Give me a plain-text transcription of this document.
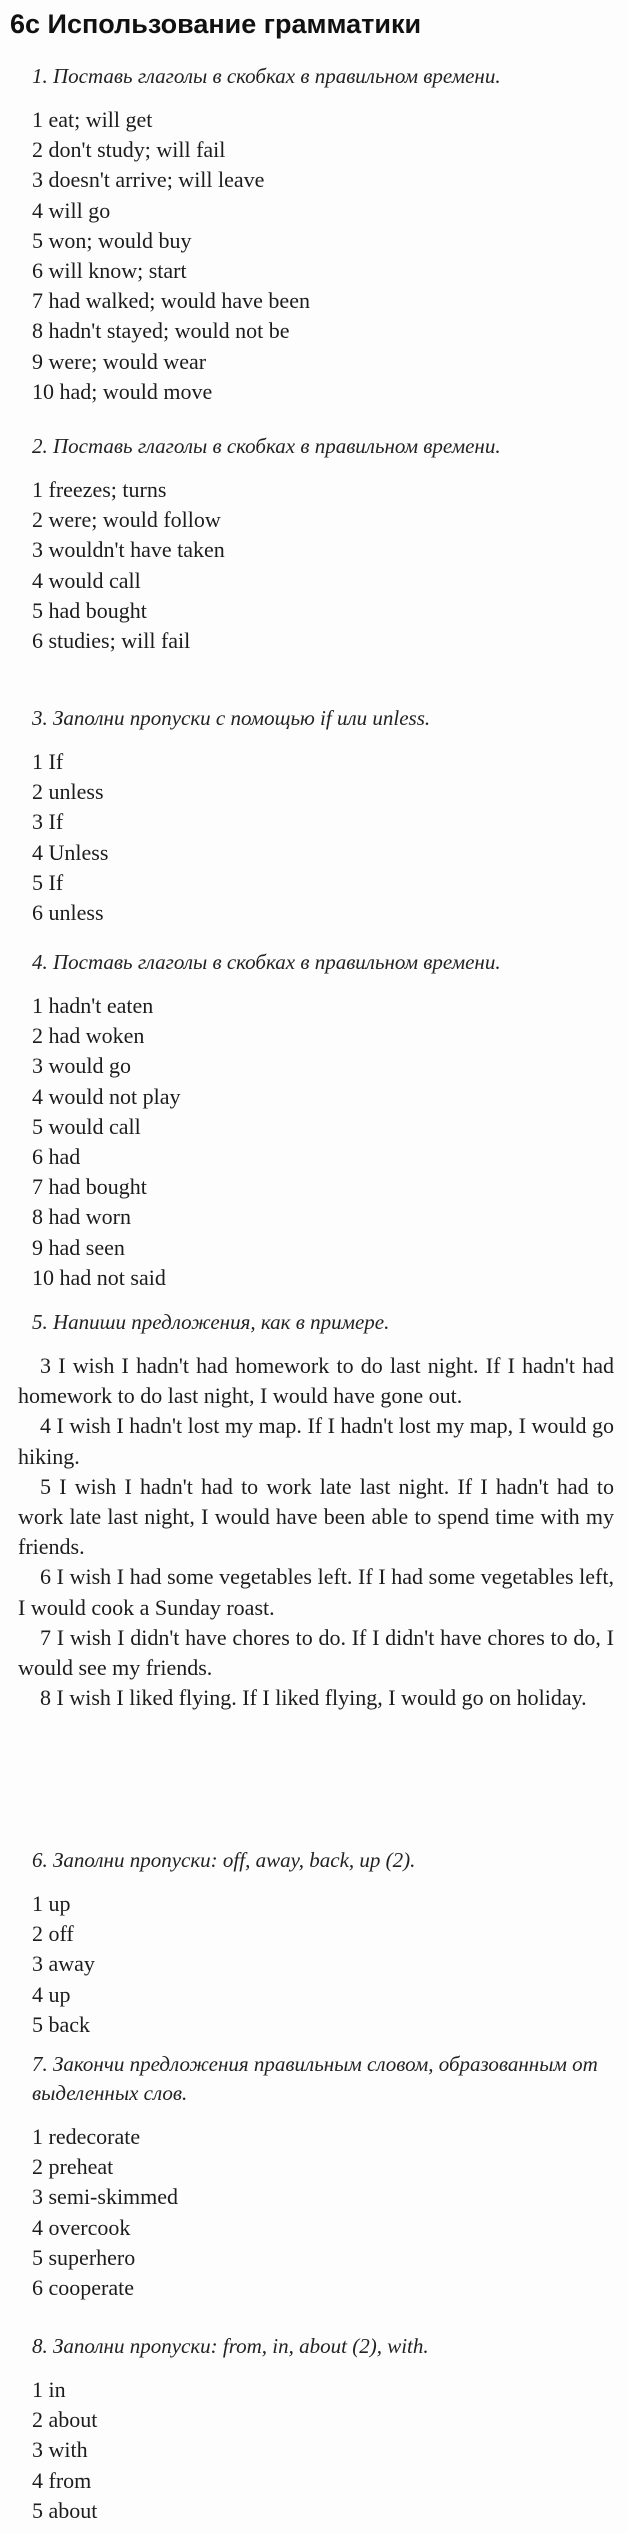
6c Использование грамматики
1. Поставь глаголы в скобках в правильном времени.
1 eat; will get
2 don't study; will fail
3 doesn't arrive; will leave
4 will go
5 won; would buy
6 will know; start
7 had walked; would have been
8 hadn't stayed; would not be
9 were; would wear
10 had; would move
2. Поставь глаголы в скобках в правильном времени.
1 freezes; turns
2 were; would follow
3 wouldn't have taken
4 would call
5 had bought
6 studies; will fail
3. Заполни пропуски с помощью if или unless.
1 If
2 unless
3 If
4 Unless
5 If
6 unless
4. Поставь глаголы в скобках в правильном времени.
1 hadn't eaten
2 had woken
3 would go
4 would not play
5 would call
6 had
7 had bought
8 had worn
9 had seen
10 had not said
5. Напиши предложения, как в примере.
3 I wish I hadn't had homework to do last night. If I hadn't had homework to do last night, I would have gone out.
4 I wish I hadn't lost my map. If I hadn't lost my map, I would go hiking.
5 I wish I hadn't had to work late last night. If I hadn't had to work late last night, I would have been able to spend time with my friends.
6 I wish I had some vegetables left. If I had some vegetables left, I would cook a Sunday roast.
7 I wish I didn't have chores to do. If I didn't have chores to do, I would see my friends.
8 I wish I liked flying. If I liked flying, I would go on holiday.
6. Заполни пропуски: off, away, back, up (2).
1 up
2 off
3 away
4 up
5 back
7. Закончи предложения правильным словом, образованным от выделенных слов.
1 redecorate
2 preheat
3 semi-skimmed
4 overcook
5 superhero
6 cooperate
8. Заполни пропуски: from, in, about (2), with.
1 in
2 about
3 with
4 from
5 about
